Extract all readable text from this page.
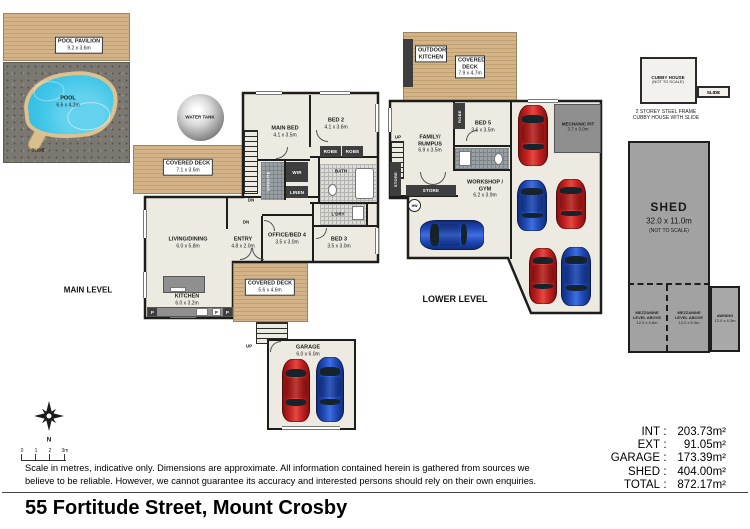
POOL PAVILION
9.2 x 3.6m
POOL
6.6 x 4.2m
SLIDE
WATER TANK
COVERED DECK
7.1 x 3.6m
ROBE	ROBE
WIR
LINEN
ENSUITE
BATH
L'DRY
DN
DN
P	F	P
MAIN BED
4.1 x 3.5m
BED 2
4.1 x 3.6m
LIVING/DINING
6.0 x 5.8m
ENTRY
4.8 x 2.0m
OFFICE/BED 4
3.5 x 3.0m	BED 3
3.5 x 3.0m
KITCHEN
6.0 x 3.2m
COVERED DECK
5.6 x 4.6m
UP	GARAGE
6.0 x 6.0m
MAIN LEVEL
OUTDOOR KITCHEN
COVERED DECK
7.9 x 4.7m
ROBE
STORE
STORE
HW
UP	FAMILY/ RUMPUS
6.9 x 3.5m
BED 5
3.6 x 3.5m
MECHANIC PIT
3.7 x 3.0m
WORKSHOP / GYM
6.2 x 3.9m
LOWER LEVEL
SLIDE
CUBBY HOUSE
(NOT TO SCALE)
2 STOREY STEEL FRAME
CUBBY HOUSE WITH SLIDE
SHED
32.0 x 11.0m
(NOT TO SCALE)
MEZZANINE LEVEL ABOVE
12.0 x 4.6m
MEZZANINE LEVEL ABOVE
12.0 x 5.0m
AWNING
12.0 x 4.3m
N
0 1 2 3m
INT : 203.73m²
EXT :	91.05m²
GARAGE : 173.39m²
SHED : 404.00m²
TOTAL : 872.17m²
Scale in metres, indicative only. Dimensions are approximate. All information contained herein is gathered from sources we
believe to be reliable. However, we cannot guarantee its accuracy and interested persons should rely on their own enquiries.
55 Fortitude Street, Mount Crosby
